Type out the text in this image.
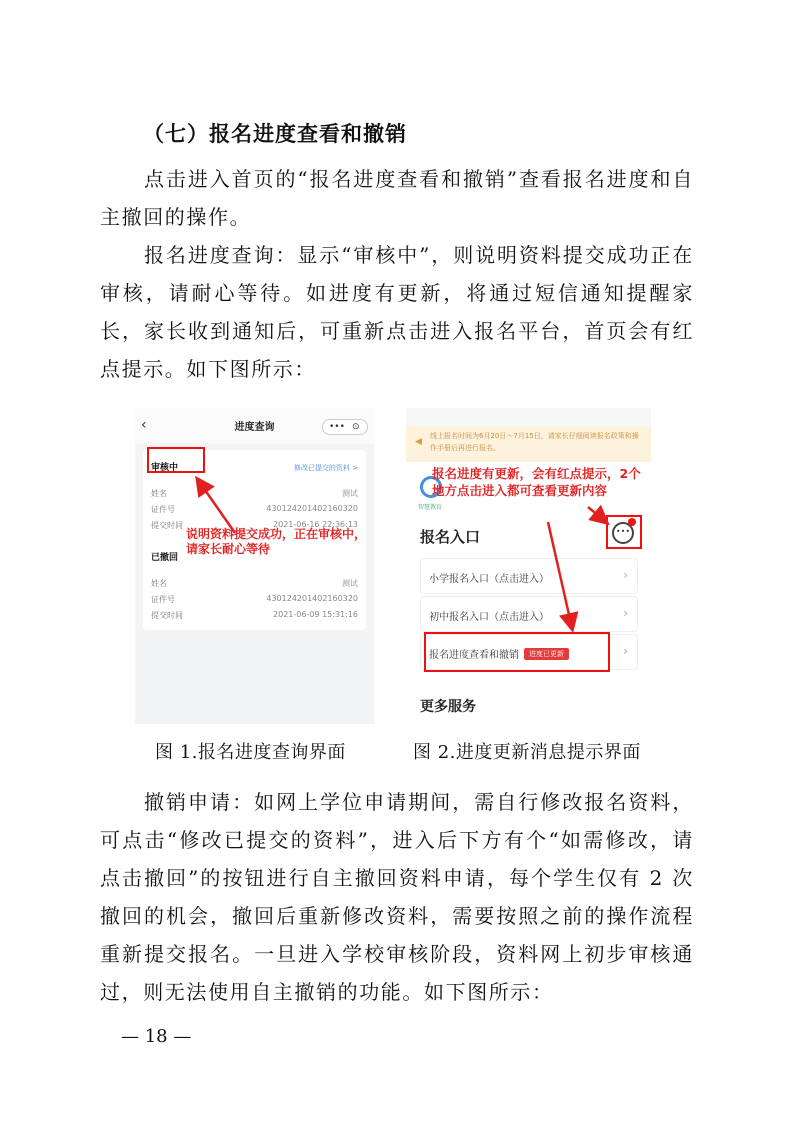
（七）报名进度查看和撤销

点击进入首页的“报名进度查看和撤销”查看报名进度和自主撤回的操作。

报名进度查询：显示“审核中”，则说明资料提交成功正在审核，请耐心等待。如进度有更新，将通过短信通知提醒家长，家长收到通知后，可重新点击进入报名平台，首页会有红点提示。如下图所示：

‹	进度查询	••• ⊙
审核中	修改已提交的资料 >
姓名	测试
证件号	43012420140216​0320
提交时间	2021-06-16 22:36:13
已撤回
姓名	测试
证件号	430124201402160320
提交时间	2021-06-09 15:31:16
说明资料提交成功，正在审核中，请家长耐心等待
◀
线上报名时间为6月20日～7月15日，请家长仔细阅读报名政策和操作手册后再进行报名。
智慧教育
报名入口	•••
小学报名入口（点击进入）	›
初中报名入口（点击进入）	›
报名进度查看和撤销	›
进度已更新
更多服务
报名进度有更新，会有红点提示，2个地方点击进入都可查看更新内容
图 1.报名进度查询界面	图 2.进度更新消息提示界面

撤销申请：如网上学位申请期间，需自行修改报名资料，可点击“修改已提交的资料”，进入后下方有个“如需修改，请点击撤回”的按钮进行自主撤回资料申请，每个学生仅有 2 次撤回的机会，撤回后重新修改资料，需要按照之前的操作流程重新提交报名。一旦进入学校审核阶段，资料网上初步审核通过，则无法使用自主撤销的功能。如下图所示：

— 18 —
